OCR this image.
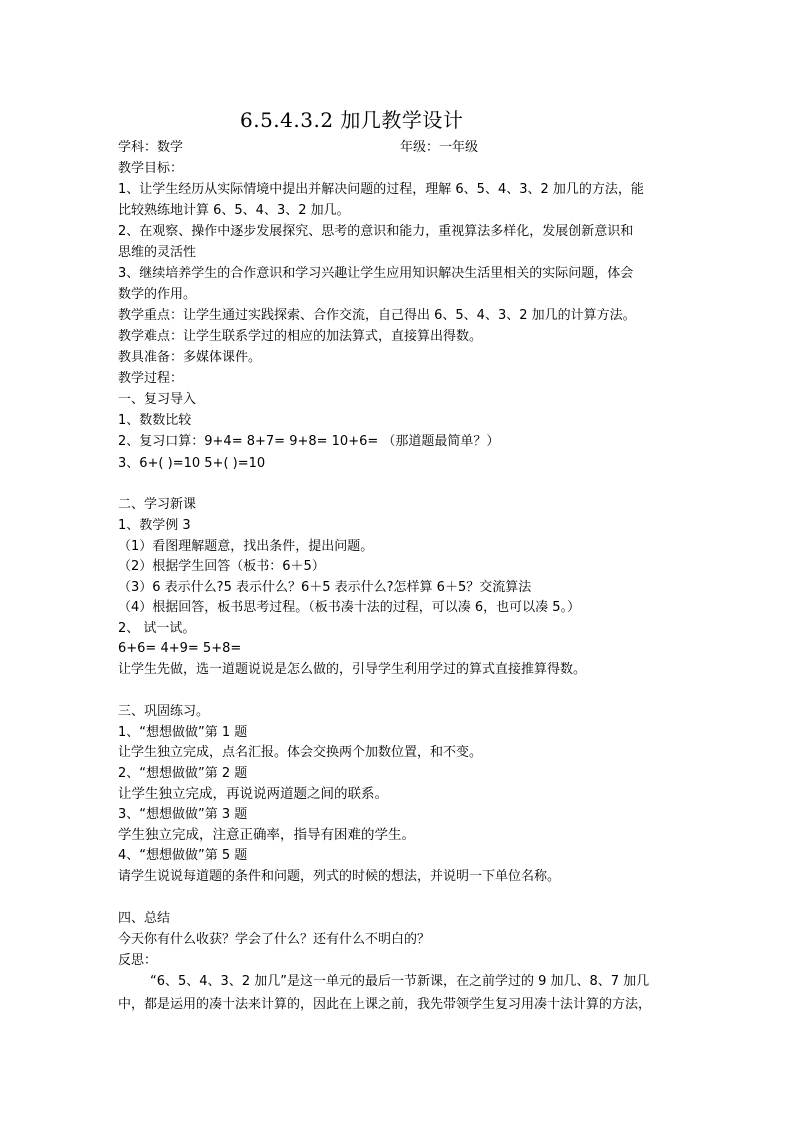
6.5.4.3.2 加几教学设计
学科：数学	年级：一年级
教学目标：
1、让学生经历从实际情境中提出并解决问题的过程，理解 6、5、4、3、2 加几的方法，能
比较熟练地计算 6、5、4、3、2 加几。
2、在观察、操作中逐步发展探究、思考的意识和能力，重视算法多样化，发展创新意识和
思维的灵活性
3、继续培养学生的合作意识和学习兴趣让学生应用知识解决生活里相关的实际问题，体会
数学的作用。
教学重点：让学生通过实践探索、合作交流，自己得出 6、5、4、3、2 加几的计算方法。
教学难点：让学生联系学过的相应的加法算式，直接算出得数。
教具准备：多媒体课件。
教学过程：
一、复习导入
1、数数比较
2、复习口算：9+4= 8+7= 9+8= 10+6= （那道题最简单？）
3、6+( )=10 5+( )=10
二、学习新课
1、教学例 3
（1）看图理解题意，找出条件，提出问题。
（2）根据学生回答（板书：6＋5）
（3）6 表示什么?5 表示什么？6＋5 表示什么?怎样算 6＋5？交流算法
（4）根据回答，板书思考过程。（板书凑十法的过程，可以凑 6，也可以凑 5。）
2、 试一试。
6+6= 4+9= 5+8=
让学生先做，选一道题说说是怎么做的，引导学生利用学过的算式直接推算得数。
三、巩固练习。
1、“想想做做”第 1 题
让学生独立完成，点名汇报。体会交换两个加数位置，和不变。
2、“想想做做”第 2 题
让学生独立完成，再说说两道题之间的联系。
3、“想想做做”第 3 题
学生独立完成，注意正确率，指导有困难的学生。
4、“想想做做”第 5 题
请学生说说每道题的条件和问题，列式的时候的想法，并说明一下单位名称。
四、总结
今天你有什么收获？学会了什么？还有什么不明白的？
反思：
“6、5、4、3、2 加几”是这一单元的最后一节新课，在之前学过的 9 加几、8、7 加几
中，都是运用的凑十法来计算的，因此在上课之前，我先带领学生复习用凑十法计算的方法，
